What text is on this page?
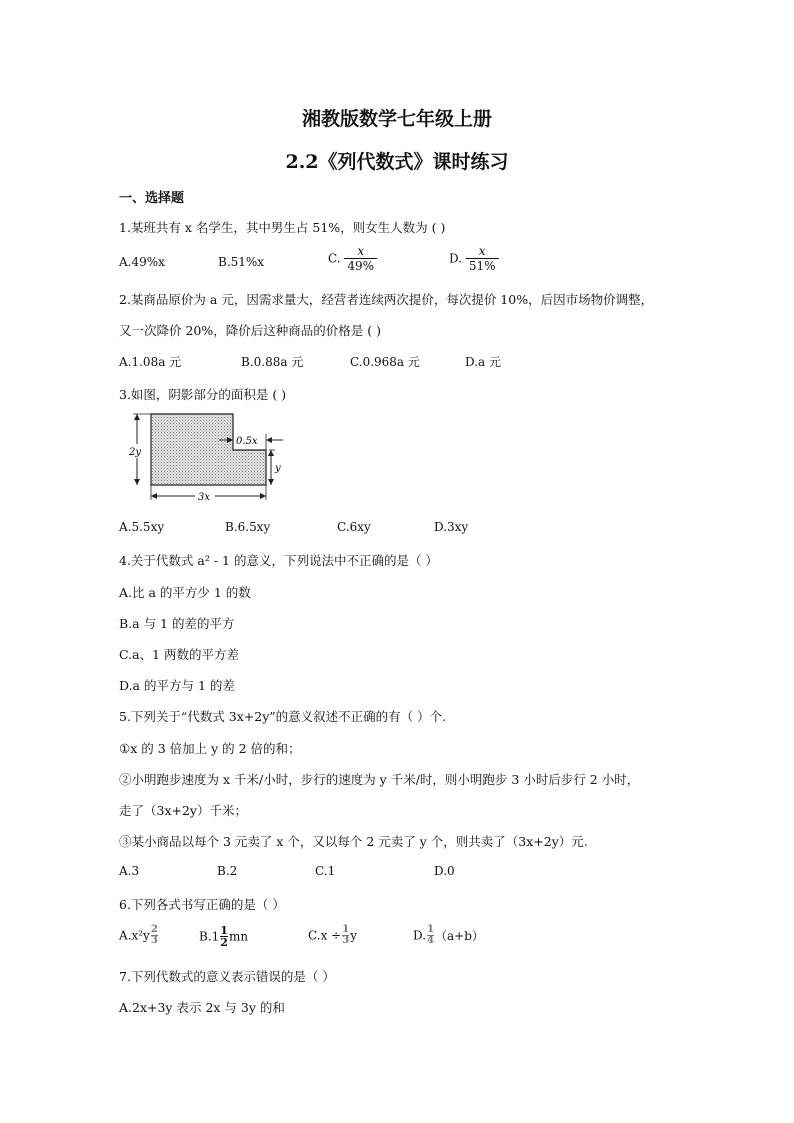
湘教版数学七年级上册
2.2《列代数式》课时练习
一、选择题
1.某班共有 x 名学生，其中男生占 51%，则女生人数为 ( )
A.49%x	B.51%x	C. $\frac{x}{49\%}$	D. $\frac{x}{51\%}$
2.某商品原价为 a 元，因需求量大，经营者连续两次提价，每次提价 10%，后因市场物价调整，
又一次降价 20%，降价后这种商品的价格是 ( )
A.1.08a 元	B.0.88a 元	C.0.968a 元	D.a 元
3.如图，阴影部分的面积是 ( )
2y
0.5x
y
3x
A.5.5xy	B.6.5xy	C.6xy	D.3xy
4.关于代数式 a² - 1 的意义，下列说法中不正确的是（ ）
A.比 a 的平方少 1 的数
B.a 与 1 的差的平方
C.a、1 两数的平方差
D.a 的平方与 1 的差
5.下列关于“代数式 3x+2y”的意义叙述不正确的有（ ）个.
①x 的 3 倍加上 y 的 2 倍的和；
②小明跑步速度为 x 千米/小时，步行的速度为 y 千米/时，则小明跑步 3 小时后步行 2 小时，
走了（3x+2y）千米；
③某小商品以每个 3 元卖了 x 个，又以每个 2 元卖了 y 个，则共卖了（3x+2y）元.
A.3	B.2	C.1	D.0
6.下列各式书写正确的是（ ）
$A.x^2y \frac{2}{3}$	$B.1 \frac{1}{2}$ mn	$C.x \div \frac{1}{3}$ y	D. $\frac{1}{4} (a+b)$
7.下列代数式的意义表示错误的是（ ）
A.2x+3y 表示 2x 与 3y 的和
